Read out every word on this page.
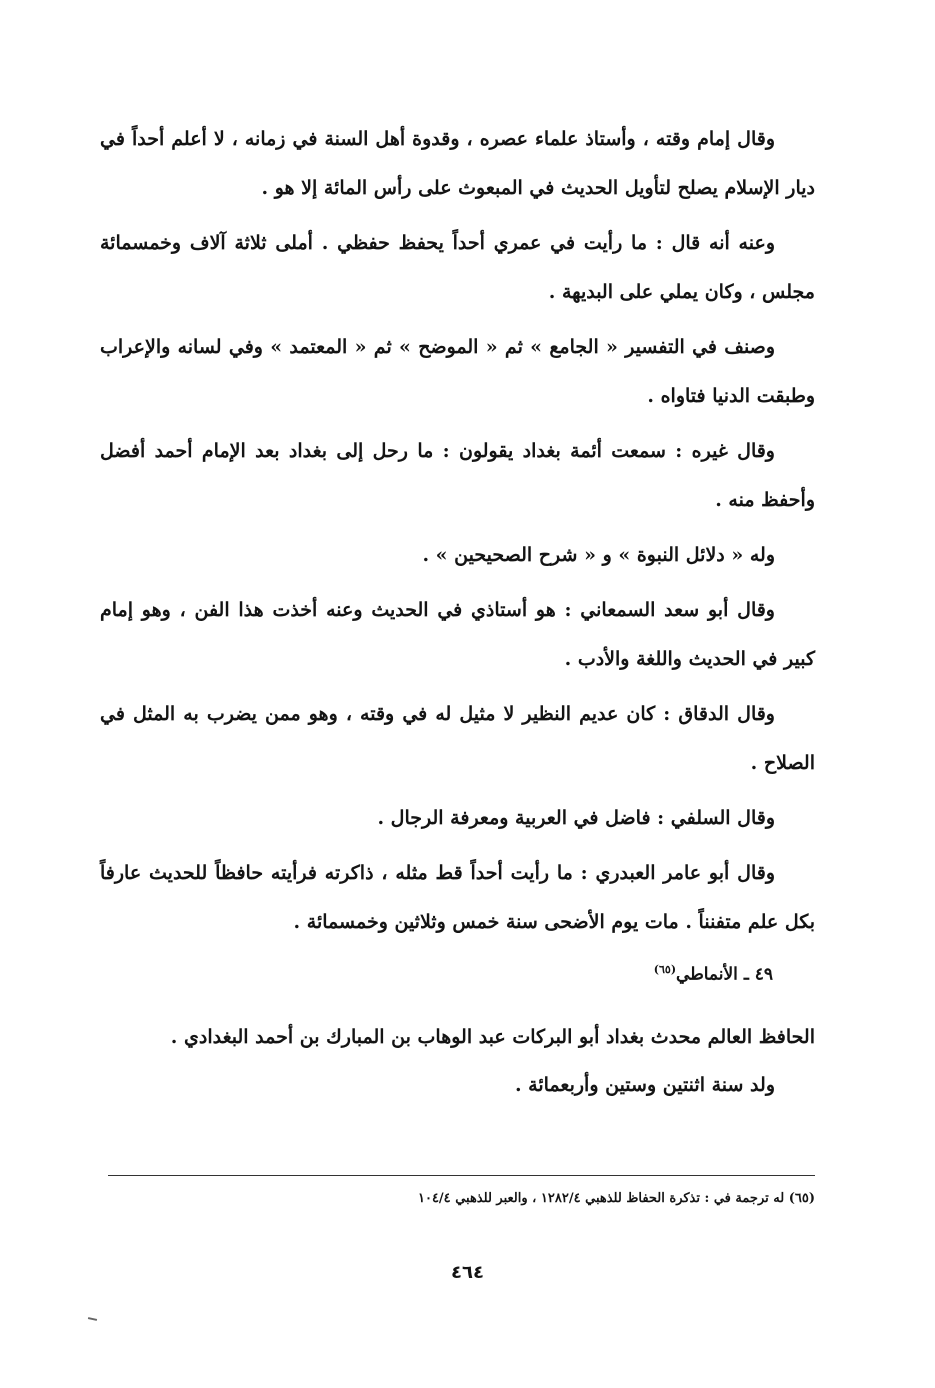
وقال إمام وقته ، وأستاذ علماء عصره ، وقدوة أهل السنة في زمانه ، لا أعلم أحداً في ديار الإسلام يصلح لتأويل الحديث في المبعوث على رأس المائة إلا هو .

وعنه أنه قال : ما رأيت في عمري أحداً يحفظ حفظي . أملى ثلاثة آلاف وخمسمائة مجلس ، وكان يملي على البديهة .

وصنف في التفسير « الجامع » ثم « الموضح » ثم « المعتمد » وفي لسانه والإعراب وطبقت الدنيا فتاواه .

وقال غيره : سمعت أئمة بغداد يقولون : ما رحل إلى بغداد بعد الإمام أحمد أفضل وأحفظ منه .

وله « دلائل النبوة » و « شرح الصحيحين » .

وقال أبو سعد السمعاني : هو أستاذي في الحديث وعنه أخذت هذا الفن ، وهو إمام كبير في الحديث واللغة والأدب .

وقال الدقاق : كان عديم النظير لا مثيل له في وقته ، وهو ممن يضرب به المثل في الصلاح .

وقال السلفي : فاضل في العربية ومعرفة الرجال .

وقال أبو عامر العبدري : ما رأيت أحداً قط مثله ، ذاكرته فرأيته حافظاً للحديث عارفاً بكل علم متفنناً . مات يوم الأضحى سنة خمس وثلاثين وخمسمائة .

٤٩ ـ الأنماطي$^{(٦٥)}$

الحافظ العالم محدث بغداد أبو البركات عبد الوهاب بن المبارك بن أحمد البغدادي .

ولد سنة اثنتين وستين وأربعمائة .

(٦٥) له ترجمة في : تذكرة الحفاظ للذهبي ١٢٨٢/٤ ، والعبر للذهبي ١٠٤/٤
٤٦٤
